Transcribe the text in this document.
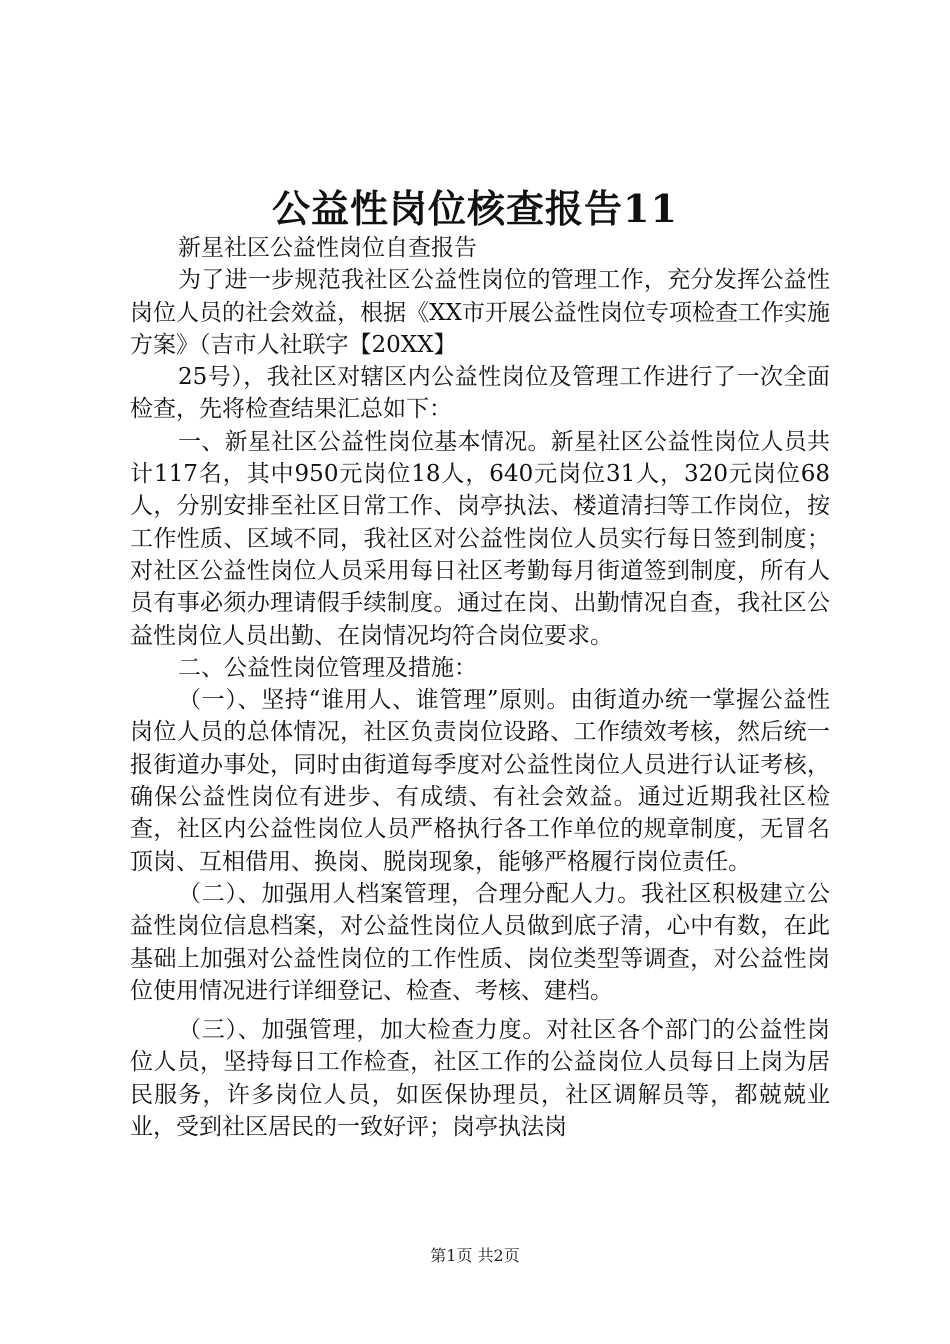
公益性岗位核查报告11

新星社区公益性岗位自查报告

为了进一步规范我社区公益性岗位的管理工作，充分发挥公益性岗位人员的社会效益，根据《XX市开展公益性岗位专项检查工作实施方案》（吉市人社联字【20XX】

25号），我社区对辖区内公益性岗位及管理工作进行了一次全面检查，先将检查结果汇总如下：

一、新星社区公益性岗位基本情况。新星社区公益性岗位人员共计117名，其中950元岗位18人，640元岗位31人，320元岗位68人，分别安排至社区日常工作、岗亭执法、楼道清扫等工作岗位，按工作性质、区域不同，我社区对公益性岗位人员实行每日签到制度；对社区公益性岗位人员采用每日社区考勤每月街道签到制度，所有人员有事必须办理请假手续制度。通过在岗、出勤情况自查，我社区公益性岗位人员出勤、在岗情况均符合岗位要求。

二、公益性岗位管理及措施：

（一）、坚持“谁用人、谁管理”原则。由街道办统一掌握公益性岗位人员的总体情况，社区负责岗位设路、工作绩效考核，然后统一报街道办事处，同时由街道每季度对公益性岗位人员进行认证考核，确保公益性岗位有进步、有成绩、有社会效益。通过近期我社区检查，社区内公益性岗位人员严格执行各工作单位的规章制度，无冒名顶岗、互相借用、换岗、脱岗现象，能够严格履行岗位责任。

（二）、加强用人档案管理，合理分配人力。我社区积极建立公益性岗位信息档案，对公益性岗位人员做到底子清，心中有数，在此基础上加强对公益性岗位的工作性质、岗位类型等调查，对公益性岗位使用情况进行详细登记、检查、考核、建档。

（三）、加强管理，加大检查力度。对社区各个部门的公益性岗位人员，坚持每日工作检查，社区工作的公益岗位人员每日上岗为居民服务，许多岗位人员，如医保协理员，社区调解员等，都兢兢业业，受到社区居民的一致好评；岗亭执法岗

第1页 共2页
